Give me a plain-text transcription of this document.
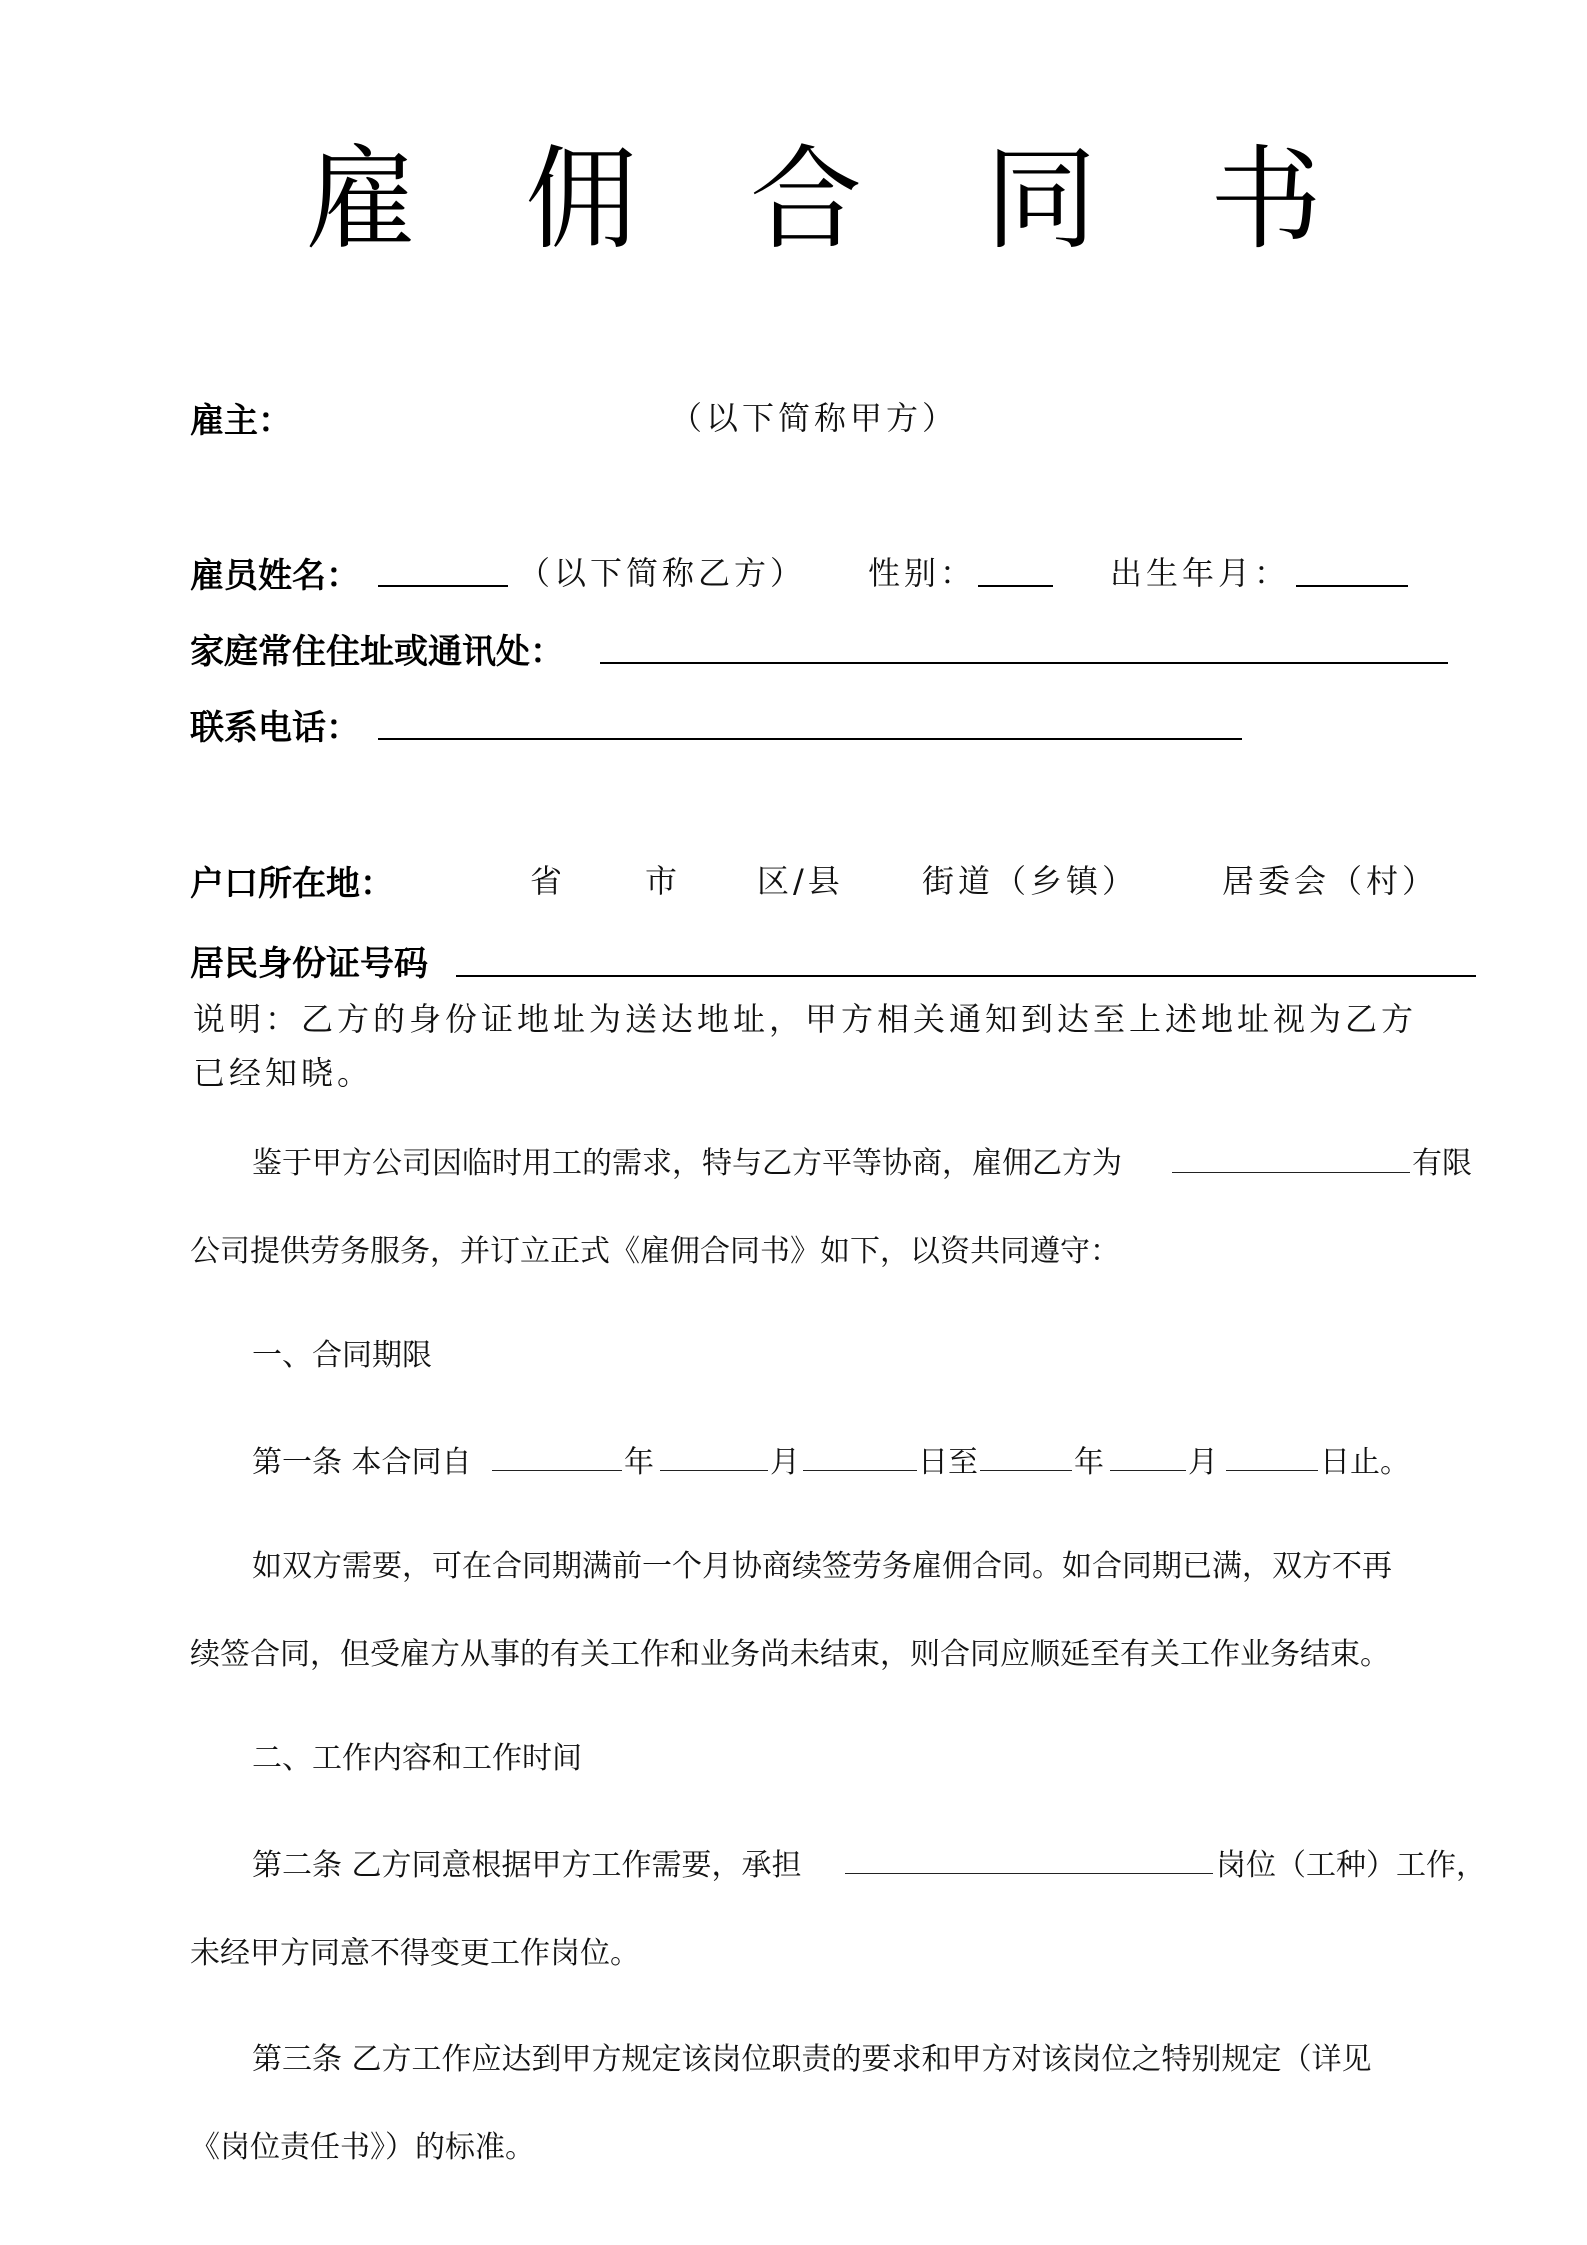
雇 佣 合 同 书
雇主：	（以下简称甲方）
雇员姓名：	（以下简称乙方） 性别：	出生年月：
家庭常住住址或通讯处：
联系电话：
户口所在地：	省 市 区/县 街道（乡镇）	居委会（村）
居民身份证号码
说明：乙方的身份证地址为送达地址，甲方相关通知到达至上述地址视为乙方
已经知晓。
鉴于甲方公司因临时用工的需求，特与乙方平等协商，雇佣乙方为	有限
公司提供劳务服务，并订立正式《雇佣合同书》如下，以资共同遵守：
一、合同期限
第一条 本合同自	年	月	日至	年	月	日止。
如双方需要，可在合同期满前一个月协商续签劳务雇佣合同。如合同期已满，双方不再
续签合同，但受雇方从事的有关工作和业务尚未结束，则合同应顺延至有关工作业务结束。
二、工作内容和工作时间
第二条 乙方同意根据甲方工作需要，承担	岗位（工种）工作，
未经甲方同意不得变更工作岗位。
第三条 乙方工作应达到甲方规定该岗位职责的要求和甲方对该岗位之特别规定（详见
《岗位责任书》）的标准。
